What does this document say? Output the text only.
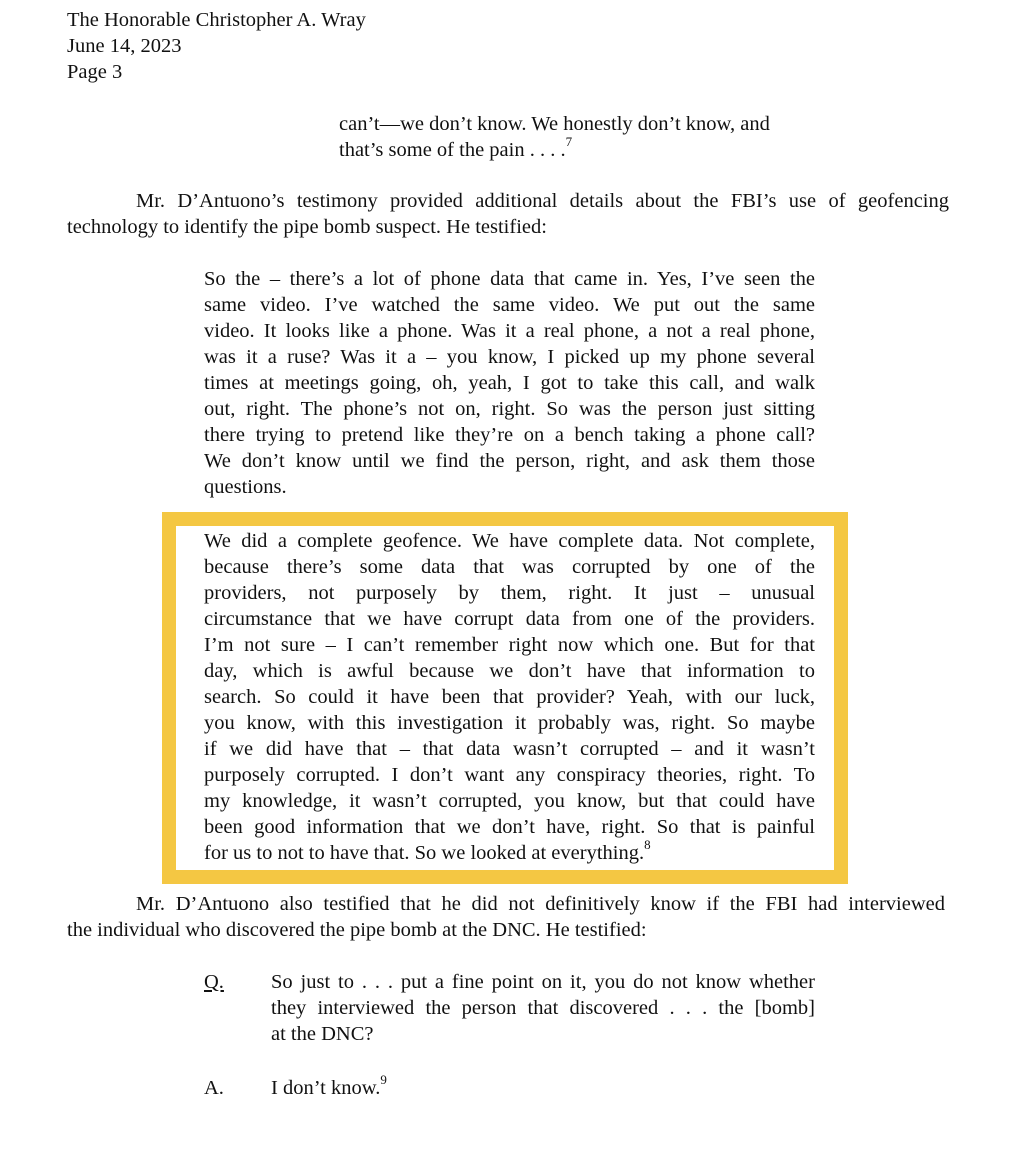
The Honorable Christopher A. Wray
June 14, 2023
Page 3
can’t—we don’t know. We honestly don’t know, and
that’s some of the pain . . . .$^7$
Mr. D’Antuono’s testimony provided additional details about the FBI’s use of geofencing
technology to identify the pipe bomb suspect. He testified:
So the – there’s a lot of phone data that came in. Yes, I’ve seen the
same video. I’ve watched the same video. We put out the same
video. It looks like a phone. Was it a real phone, a not a real phone,
was it a ruse? Was it a – you know, I picked up my phone several
times at meetings going, oh, yeah, I got to take this call, and walk
out, right. The phone’s not on, right. So was the person just sitting
there trying to pretend like they’re on a bench taking a phone call?
We don’t know until we find the person, right, and ask them those
questions.
We did a complete geofence. We have complete data. Not complete,
because there’s some data that was corrupted by one of the
providers, not purposely by them, right. It just – unusual
circumstance that we have corrupt data from one of the providers.
I’m not sure – I can’t remember right now which one. But for that
day, which is awful because we don’t have that information to
search. So could it have been that provider? Yeah, with our luck,
you know, with this investigation it probably was, right. So maybe
if we did have that – that data wasn’t corrupted – and it wasn’t
purposely corrupted. I don’t want any conspiracy theories, right. To
my knowledge, it wasn’t corrupted, you know, but that could have
been good information that we don’t have, right. So that is painful
for us to not to have that. So we looked at everything.$^8$
Mr. D’Antuono also testified that he did not definitively know if the FBI had interviewed
the individual who discovered the pipe bomb at the DNC. He testified:
Q. So just to . . . put a fine point on it, you do not know whether
they interviewed the person that discovered . . . the [bomb]
at the DNC?
A. I don’t know.$^9$
